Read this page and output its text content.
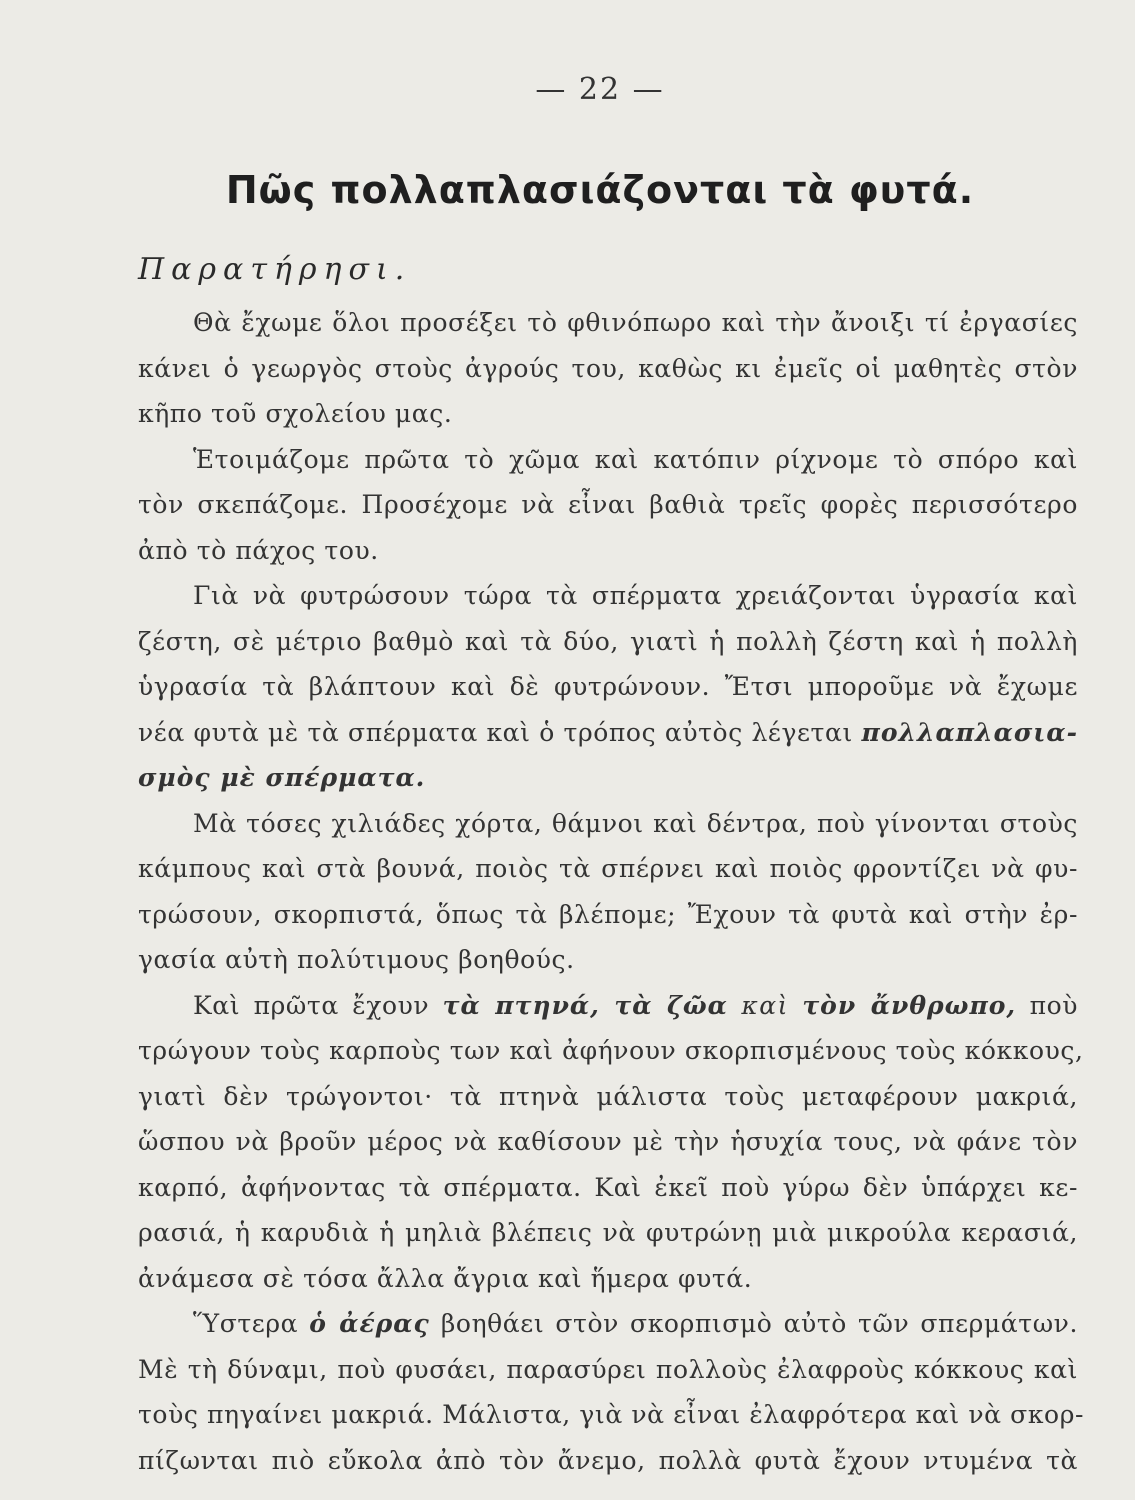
— 22 —
Πῶς πολλαπλασιάζονται τὰ φυτά.
Παρατήρησι.
Θὰ ἔχωμε ὅλοι προσέξει τὸ φθινόπωρο καὶ τὴν ἄνοιξι τί ἐργασίες
κάνει ὁ γεωργὸς στοὺς ἀγρούς του, καθὼς κι ἐμεῖς οἱ μαθητὲς στὸν
κῆπο τοῦ σχολείου μας.
Ἑτοιμάζομε πρῶτα τὸ χῶμα καὶ κατόπιν ρίχνομε τὸ σπόρο καὶ
τὸν σκεπάζομε. Προσέχομε νὰ εἶναι βαθιὰ τρεῖς φορὲς περισσότερο
ἀπὸ τὸ πάχος του.
Γιὰ νὰ φυτρώσουν τώρα τὰ σπέρματα χρειάζονται ὑγρασία καὶ
ζέστη, σὲ μέτριο βαθμὸ καὶ τὰ δύο, γιατὶ ἡ πολλὴ ζέστη καὶ ἡ πολλὴ
ὑγρασία τὰ βλάπτουν καὶ δὲ φυτρώνουν. Ἔτσι μποροῦμε νὰ ἔχωμε
νέα φυτὰ μὲ τὰ σπέρματα καὶ ὁ τρόπος αὐτὸς λέγεται πολλαπλασια-
σμὸς μὲ σπέρματα.
Μὰ τόσες χιλιάδες χόρτα, θάμνοι καὶ δέντρα, ποὺ γίνονται στοὺς
κάμπους καὶ στὰ βουνά, ποιὸς τὰ σπέρνει καὶ ποιὸς φροντίζει νὰ φυ-
τρώσουν, σκορπιστά, ὅπως τὰ βλέπομε; Ἔχουν τὰ φυτὰ καὶ στὴν ἐρ-
γασία αὐτὴ πολύτιμους βοηθούς.
Καὶ πρῶτα ἔχουν τὰ πτηνά, τὰ ζῶα καὶ τὸν ἄνθρωπο, ποὺ
τρώγουν τοὺς καρποὺς των καὶ ἀφήνουν σκορπισμένους τοὺς κόκκους,
γιατὶ δὲν τρώγοντοι· τὰ πτηνὰ μάλιστα τοὺς μεταφέρουν μακριά,
ὥσπου νὰ βροῦν μέρος νὰ καθίσουν μὲ τὴν ἡσυχία τους, νὰ φάνε τὸν
καρπό, ἀφήνοντας τὰ σπέρματα. Καὶ ἐκεῖ ποὺ γύρω δὲν ὑπάρχει κε-
ρασιά, ἡ καρυδιὰ ἡ μηλιὰ βλέπεις νὰ φυτρώνῃ μιὰ μικρούλα κερασιά,
ἀνάμεσα σὲ τόσα ἄλλα ἄγρια καὶ ἥμερα φυτά.
Ὕστερα ὁ ἀέρας βοηθάει στὸν σκορπισμὸ αὐτὸ τῶν σπερμάτων.
Μὲ τὴ δύναμι, ποὺ φυσάει, παρασύρει πολλοὺς ἐλαφροὺς κόκκους καὶ
τοὺς πηγαίνει μακριά. Μάλιστα, γιὰ νὰ εἶναι ἐλαφρότερα καὶ νὰ σκορ-
πίζωνται πιὸ εὔκολα ἀπὸ τὸν ἄνεμο, πολλὰ φυτὰ ἔχουν ντυμένα τὰ
